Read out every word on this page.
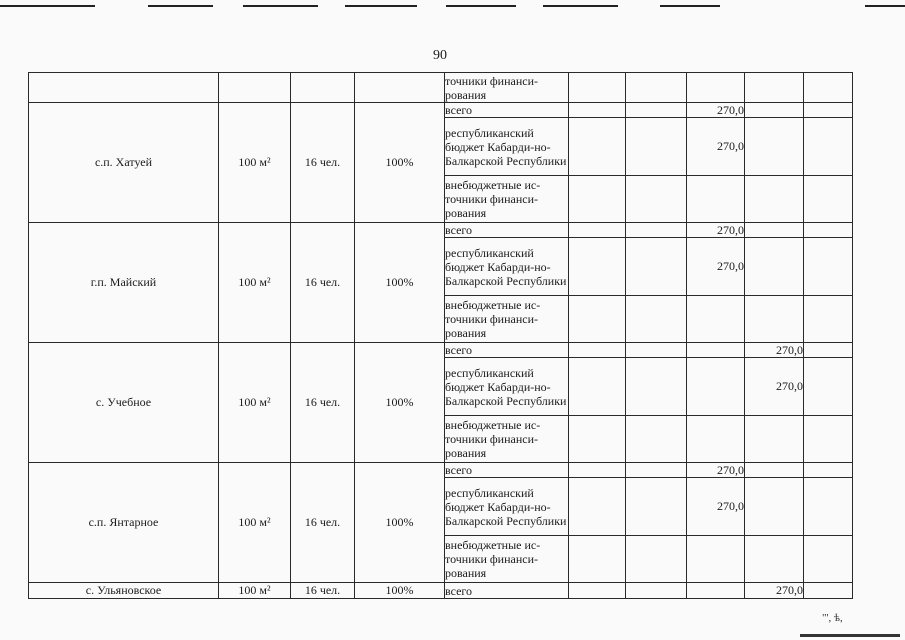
90
				точники финанси-рования					
с.п. Хатуей	100 м²	16 чел.	100%	всего			270,0		
				республиканский бюджет Кабарди-но-Балкарской Республики			270,0		
				внебюджетные ис-точники финанси-рования					
г.п. Майский	100 м²	16 чел.	100%	всего			270,0		
				республиканский бюджет Кабарди-но-Балкарской Республики			270,0		
				внебюджетные ис-точники финанси-рования					
с. Учебное	100 м²	16 чел.	100%	всего				270,0	
				республиканский бюджет Кабарди-но-Балкарской Республики				270,0	
				внебюджетные ис-точники финанси-рования					
с.п. Янтарное	100 м²	16 чел.	100%	всего			270,0		
				республиканский бюджет Кабарди-но-Балкарской Республики			270,0		
				внебюджетные ис-точники финанси-рования					
с. Ульяновское	100 м²	16 чел.	100%	всего				270,0	
"', ѣ,
